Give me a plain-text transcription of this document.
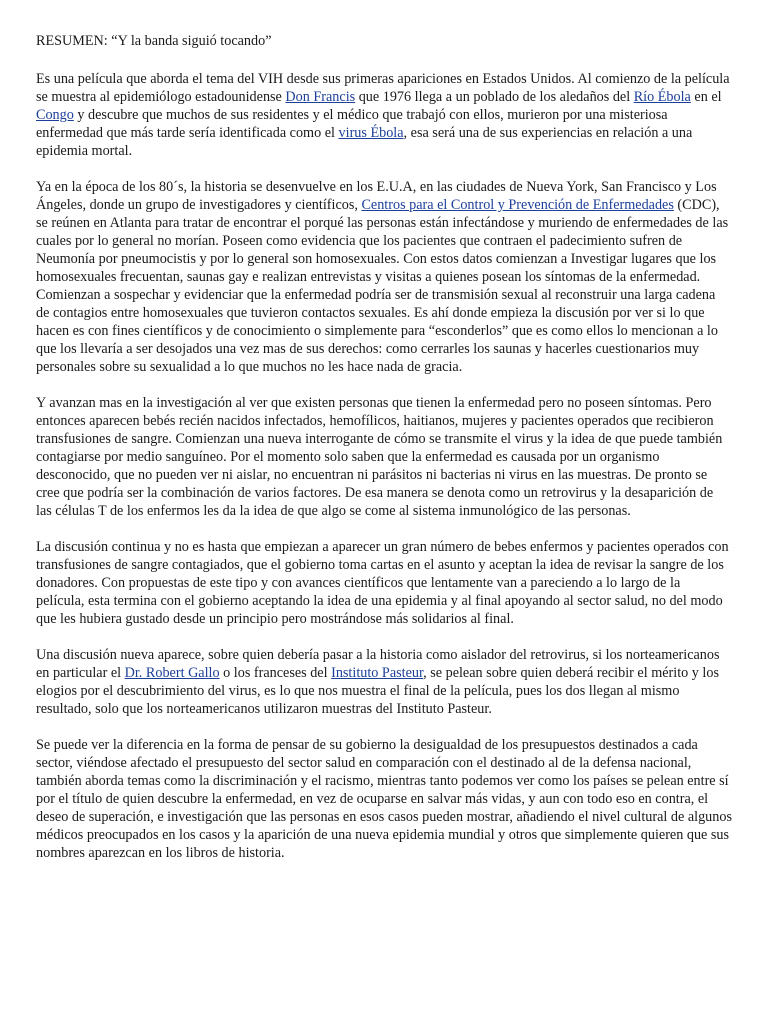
RESUMEN: “Y la banda siguió tocando”

Es una película que aborda el tema del VIH desde sus primeras apariciones en Estados Unidos. Al comienzo de la película se muestra al epidemiólogo estadounidense Don Francis que 1976 llega a un poblado de los aledaños del Río Ébola en el Congo y descubre que muchos de sus residentes y el médico que trabajó con ellos, murieron por una misteriosa enfermedad que más tarde sería identificada como el virus Ébola, esa será una de sus experiencias en relación a una epidemia mortal.

Ya en la época de los 80´s, la historia se desenvuelve en los E.U.A, en las ciudades de Nueva York, San Francisco y Los Ángeles, donde un grupo de investigadores y científicos, Centros para el Control y Prevención de Enfermedades (CDC), se reúnen en Atlanta para tratar de encontrar el porqué las personas están infectándose y muriendo de enfermedades de las cuales por lo general no morían. Poseen como evidencia que los pacientes que contraen el padecimiento sufren de Neumonía por pneumocistis y por lo general son homosexuales. Con estos datos comienzan a Investigar lugares que los homosexuales frecuentan, saunas gay e realizan entrevistas y visitas a quienes posean los síntomas de la enfermedad. Comienzan a sospechar y evidenciar que la enfermedad podría ser de transmisión sexual al reconstruir una larga cadena de contagios entre homosexuales que tuvieron contactos sexuales. Es ahí donde empieza la discusión por ver si lo que hacen es con fines científicos y de conocimiento o simplemente para “esconderlos” que es como ellos lo mencionan a lo que los llevaría a ser desojados una vez mas de sus derechos: como cerrarles los saunas y hacerles cuestionarios muy personales sobre su sexualidad a lo que muchos no les hace nada de gracia.

Y avanzan mas en la investigación al ver que existen personas que tienen la enfermedad pero no poseen síntomas. Pero entonces aparecen bebés recién nacidos infectados, hemofílicos, haitianos, mujeres y pacientes operados que recibieron transfusiones de sangre. Comienzan una nueva interrogante de cómo se transmite el virus y la idea de que puede también contagiarse por medio sanguíneo. Por el momento solo saben que la enfermedad es causada por un organismo desconocido, que no pueden ver ni aislar, no encuentran ni parásitos ni bacterias ni virus en las muestras. De pronto se cree que podría ser la combinación de varios factores. De esa manera se denota como un retrovirus y la desaparición de las células T de los enfermos les da la idea de que algo se come al sistema inmunológico de las personas.

La discusión continua y no es hasta que empiezan a aparecer un gran número de bebes enfermos y pacientes operados con transfusiones de sangre contagiados, que el gobierno toma cartas en el asunto y aceptan la idea de revisar la sangre de los donadores. Con propuestas de este tipo y con avances científicos que lentamente van a pareciendo a lo largo de la película, esta termina con el gobierno aceptando la idea de una epidemia y al final apoyando al sector salud, no del modo que les hubiera gustado desde un principio pero mostrándose más solidarios al final.

Una discusión nueva aparece, sobre quien debería pasar a la historia como aislador del retrovirus, si los norteamericanos en particular el Dr. Robert Gallo o los franceses del Instituto Pasteur, se pelean sobre quien deberá recibir el mérito y los elogios por el descubrimiento del virus, es lo que nos muestra el final de la película, pues los dos llegan al mismo resultado, solo que los norteamericanos utilizaron muestras del Instituto Pasteur.

Se puede ver la diferencia en la forma de pensar de su gobierno la desigualdad de los presupuestos destinados a cada sector, viéndose afectado el presupuesto del sector salud en comparación con el destinado al de la defensa nacional, también aborda temas como la discriminación y el racismo, mientras tanto podemos ver como los países se pelean entre sí por el título de quien descubre la enfermedad, en vez de ocuparse en salvar más vidas, y aun con todo eso en contra, el deseo de superación, e investigación que las personas en esos casos pueden mostrar, añadiendo el nivel cultural de algunos médicos preocupados en los casos y la aparición de una nueva epidemia mundial y otros que simplemente quieren que sus nombres aparezcan en los libros de historia.
